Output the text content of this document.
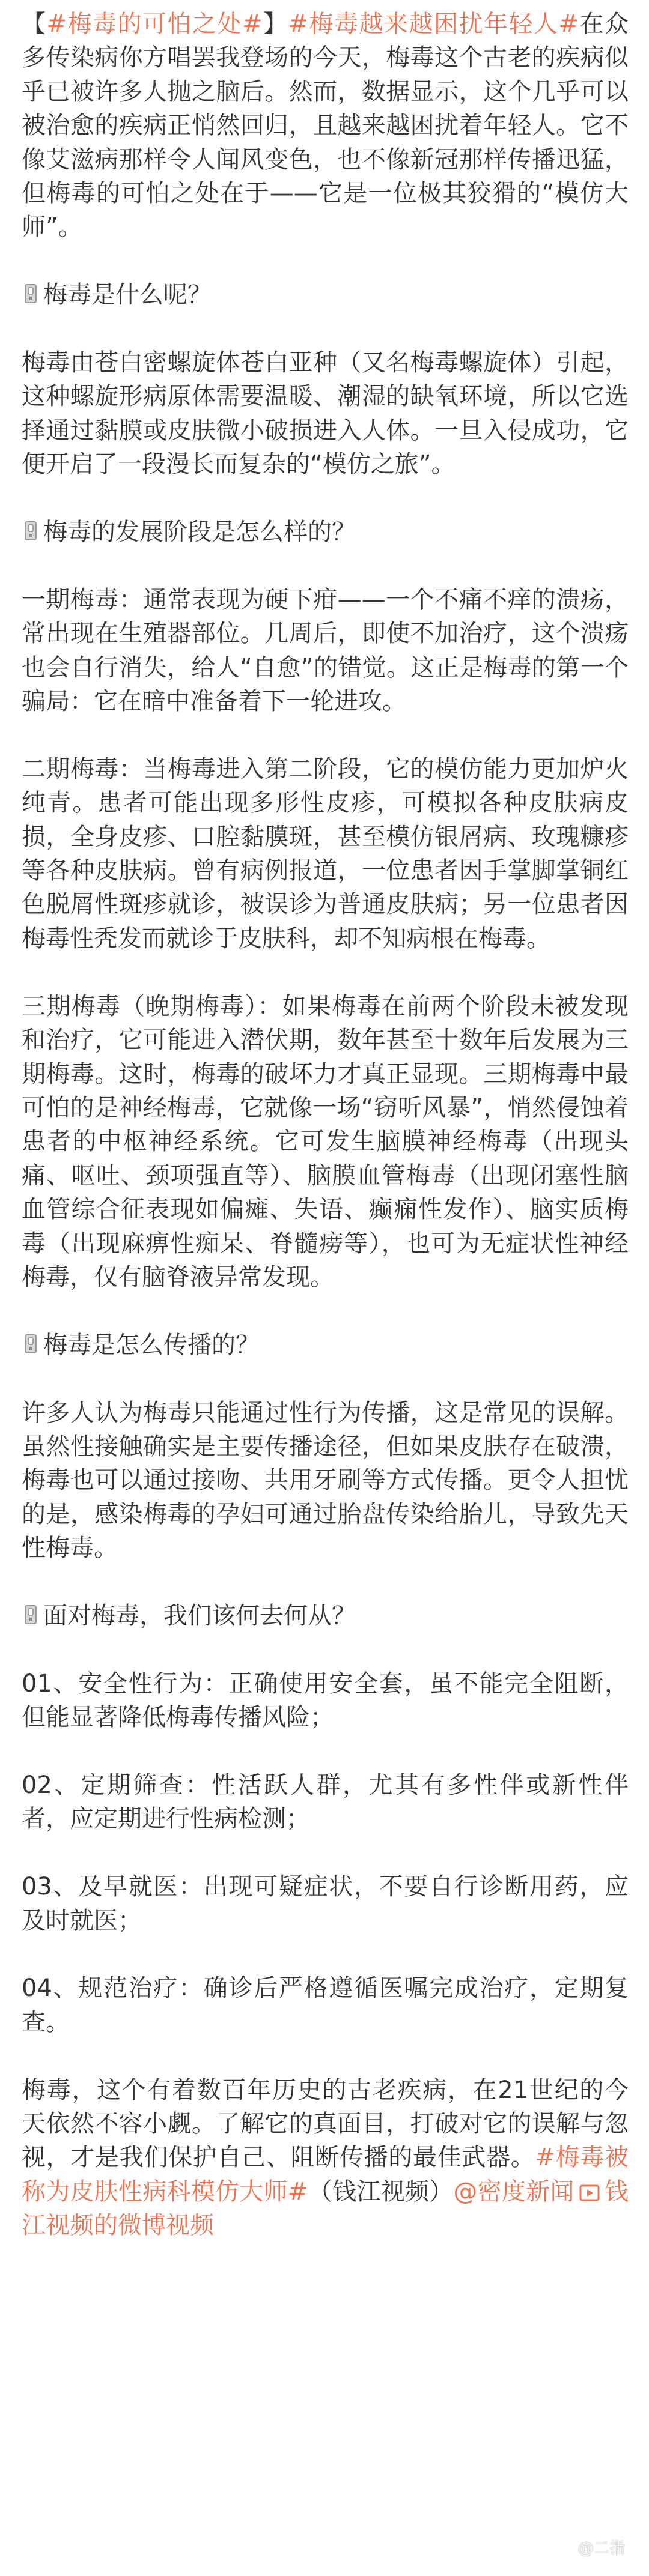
【#梅毒的可怕之处#】#梅毒越来越困扰年轻人#在众多传染病你方唱罢我登场的今天，梅毒这个古老的疾病似乎已被许多人抛之脑后。然而，数据显示，这个几乎可以被治愈的疾病正悄然回归，且越来越困扰着年轻人。它不像艾滋病那样令人闻风变色，也不像新冠那样传播迅猛，但梅毒的可怕之处在于——它是一位极其狡猾的“模仿大师”。

梅毒是什么呢？

梅毒由苍白密螺旋体苍白亚种（又名梅毒螺旋体）引起，这种螺旋形病原体需要温暖、潮湿的缺氧环境，所以它选择通过黏膜或皮肤微小破损进入人体。一旦入侵成功，它便开启了一段漫长而复杂的“模仿之旅”。

梅毒的发展阶段是怎么样的？

一期梅毒：通常表现为硬下疳——一个不痛不痒的溃疡，常出现在生殖器部位。几周后，即使不加治疗，这个溃疡也会自行消失，给人“自愈”的错觉。这正是梅毒的第一个骗局：它在暗中准备着下一轮进攻。

二期梅毒：当梅毒进入第二阶段，它的模仿能力更加炉火纯青。患者可能出现多形性皮疹，可模拟各种皮肤病皮损，全身皮疹、口腔黏膜斑，甚至模仿银屑病、玫瑰糠疹等各种皮肤病。曾有病例报道，一位患者因手掌脚掌铜红色脱屑性斑疹就诊，被误诊为普通皮肤病；另一位患者因梅毒性秃发而就诊于皮肤科，却不知病根在梅毒。

三期梅毒（晚期梅毒）：如果梅毒在前两个阶段未被发现和治疗，它可能进入潜伏期，数年甚至十数年后发展为三期梅毒。这时，梅毒的破坏力才真正显现。三期梅毒中最可怕的是神经梅毒，它就像一场“窃听风暴”，悄然侵蚀着患者的中枢神经系统。它可发生脑膜神经梅毒（出现头痛、呕吐、颈项强直等）、脑膜血管梅毒（出现闭塞性脑血管综合征表现如偏瘫、失语、癫痫性发作）、脑实质梅毒（出现麻痹性痴呆、脊髓痨等），也可为无症状性神经梅毒，仅有脑脊液异常发现。

梅毒是怎么传播的？

许多人认为梅毒只能通过性行为传播，这是常见的误解。虽然性接触确实是主要传播途径，但如果皮肤存在破溃，梅毒也可以通过接吻、共用牙刷等方式传播。更令人担忧的是，感染梅毒的孕妇可通过胎盘传染给胎儿，导致先天性梅毒。

面对梅毒，我们该何去何从？

01、安全性行为：正确使用安全套，虽不能完全阻断，但能显著降低梅毒传播风险；

02、定期筛查：性活跃人群，尤其有多性伴或新性伴者，应定期进行性病检测；

03、及早就医：出现可疑症状，不要自行诊断用药，应及时就医；

04、规范治疗：确诊后严格遵循医嘱完成治疗，定期复查。

梅毒，这个有着数百年历史的古老疾病，在21世纪的今天依然不容小觑。了解它的真面目，打破对它的误解与忽视，才是我们保护自己、阻断传播的最佳武器。#梅毒被称为皮肤性病科模仿大师#（钱江视频）@密度新闻 钱江视频的微博视频

@二指
